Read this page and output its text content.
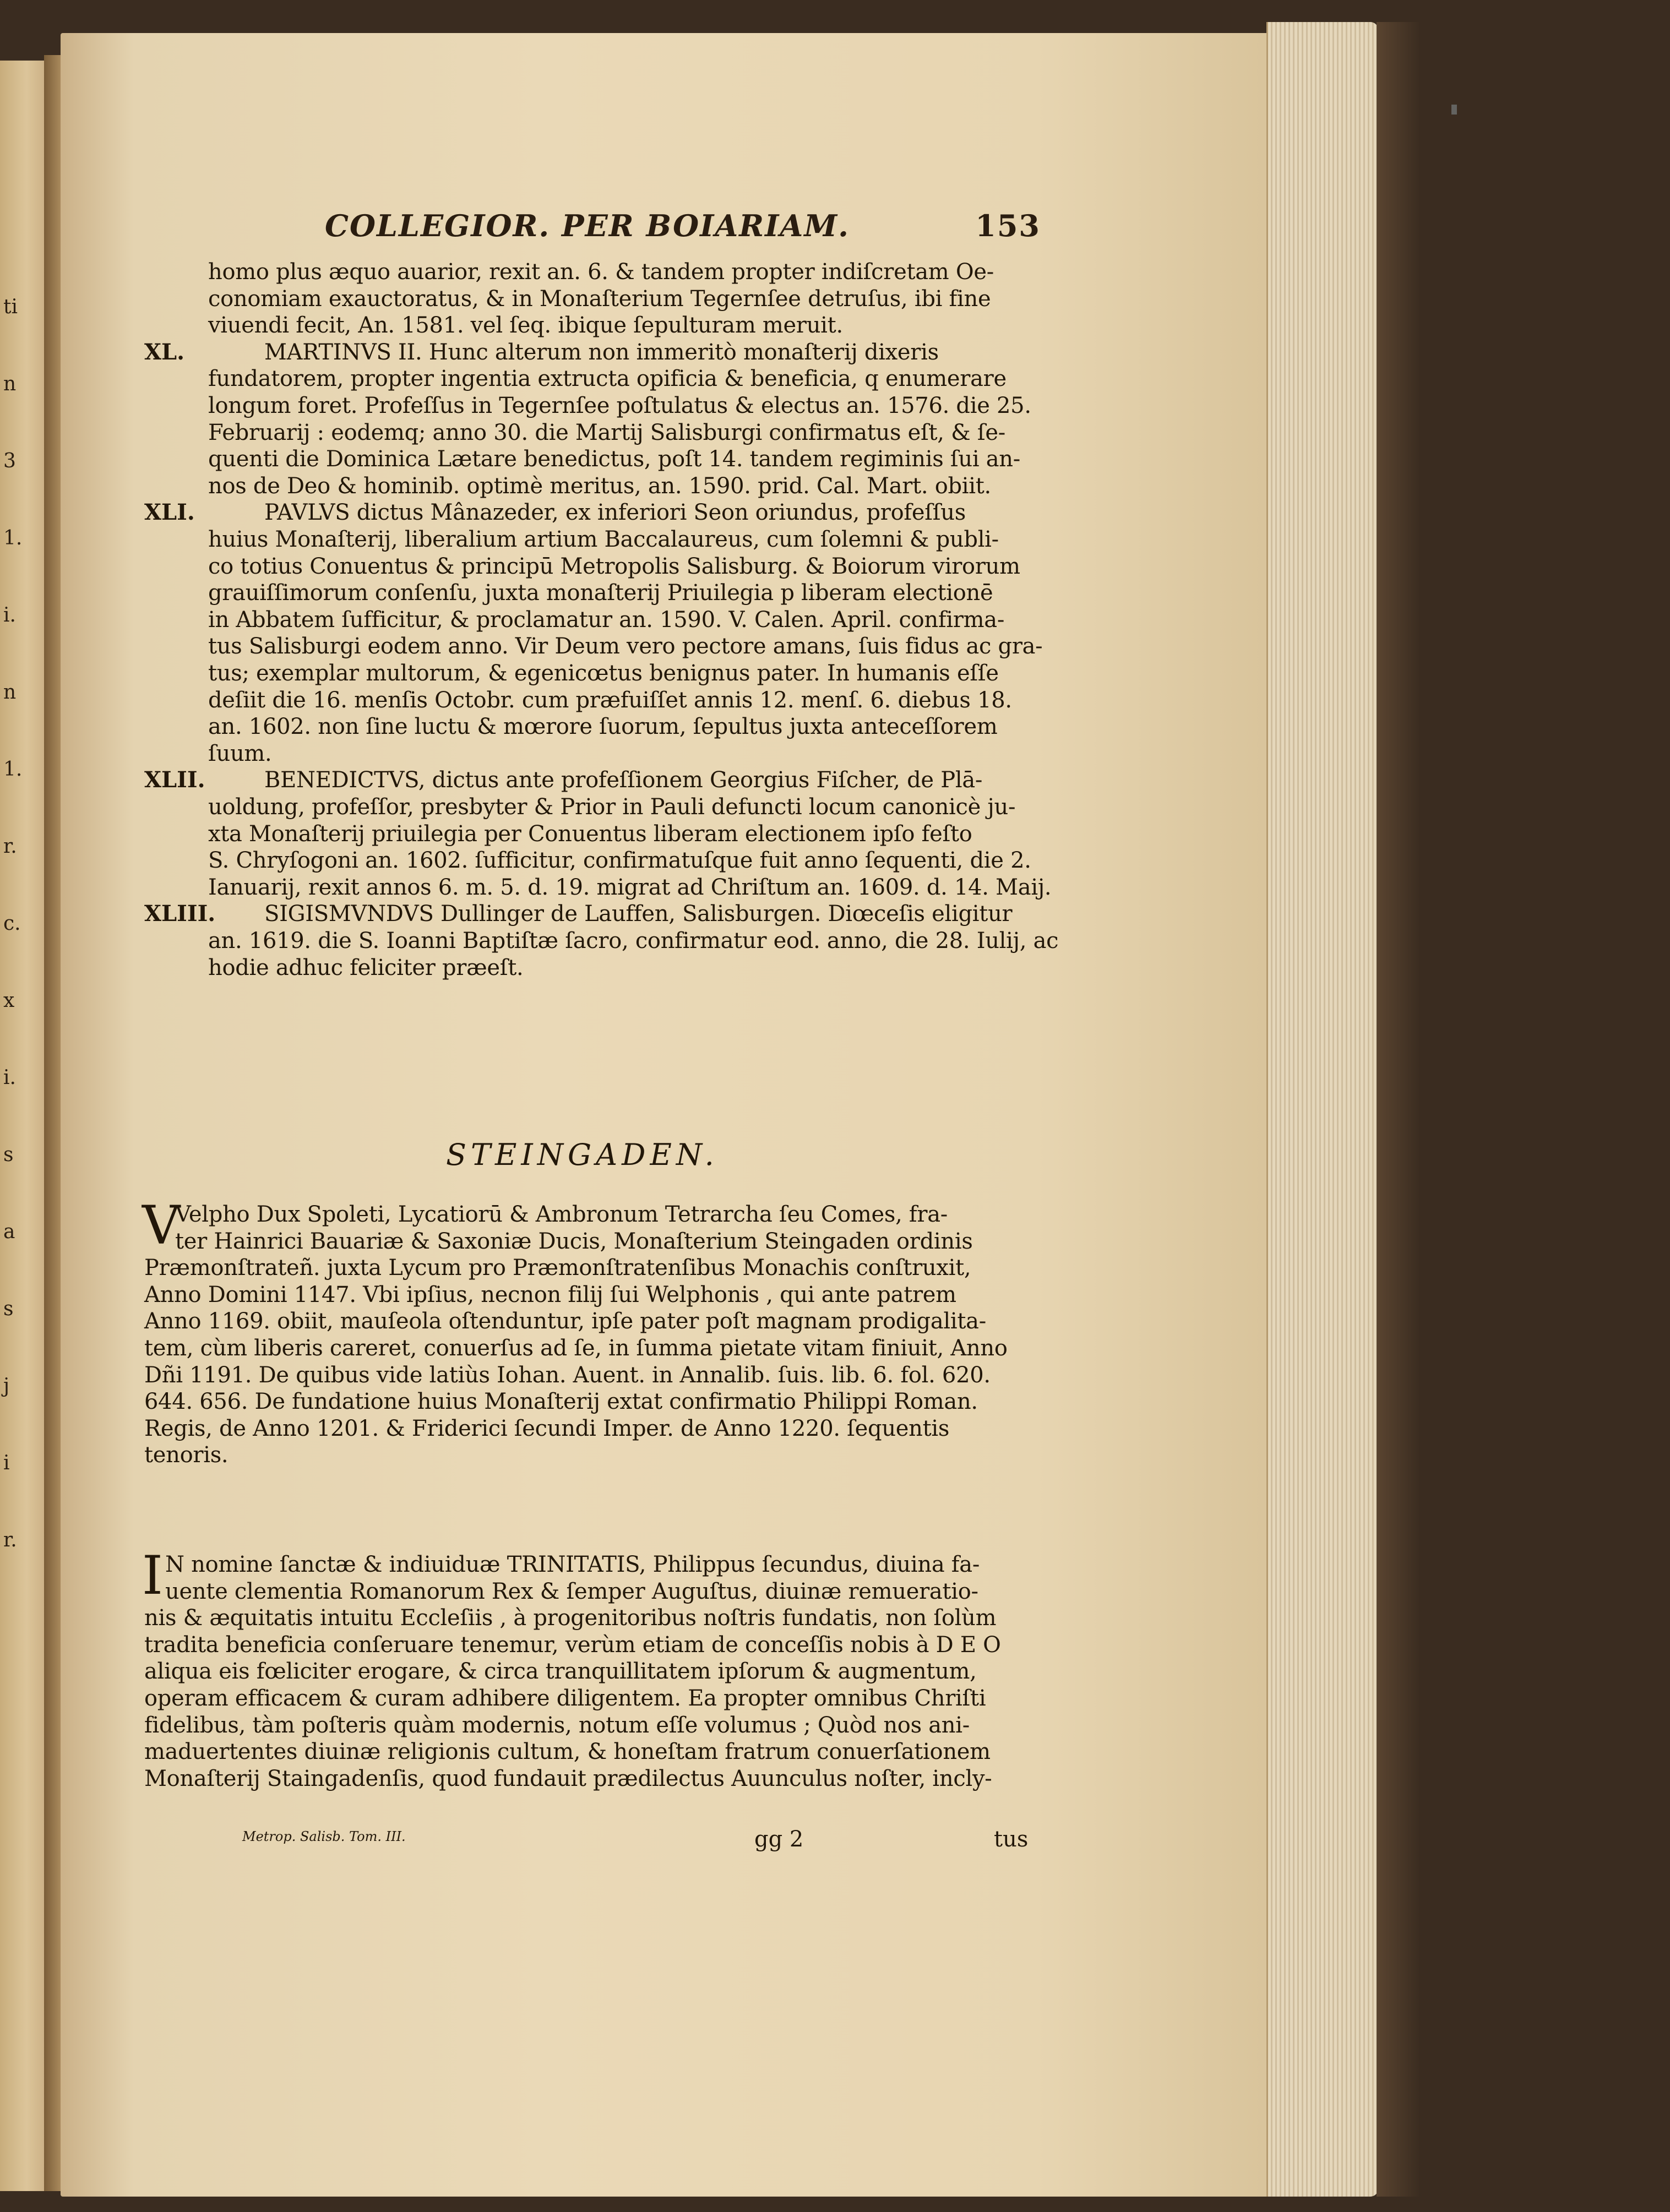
ti
n
3
1.
i.
n
1.
r.
c.
x
i.
s
a
s
j
i
r.
COLLEGIOR. PER BOIARIAM.	153
homo plus æquo auarior, rexit an. 6. & tandem propter indiſcretam Oe-
conomiam exauctoratus, & in Monaſterium Tegernſee detruſus, ibi fine
viuendi fecit, An. 1581. vel ſeq. ibique ſepulturam meruit.
XL.	MARTINVS II. Hunc alterum non immeritò monaſterij dixeris
fundatorem, propter ingentia extructa opificia & beneficia, q enumerare
longum foret. Profeſſus in Tegernſee poſtulatus & electus an. 1576. die 25.
Februarij : eodemq; anno 30. die Martij Salisburgi confirmatus eſt, & ſe-
quenti die Dominica Lætare benedictus, poſt 14. tandem regiminis ſui an-
nos de Deo & hominib. optimè meritus, an. 1590. prid. Cal. Mart. obiit.
XLI.	PAVLVS dictus Mânazeder, ex inferiori Seon oriundus, profeſſus
huius Monaſterij, liberalium artium Baccalaureus, cum ſolemni & publi-
co totius Conuentus & principū Metropolis Salisburg. & Boiorum virorum
grauiſſimorum conſenſu, juxta monaſterij Priuilegia p liberam electionē
in Abbatem ſufficitur, & proclamatur an. 1590. V. Calen. April. confirma-
tus Salisburgi eodem anno. Vir Deum vero pectore amans, ſuis fidus ac gra-
tus; exemplar multorum, & egenicœtus benignus pater. In humanis eſſe
deſiit die 16. menſis Octobr. cum præfuiſſet annis 12. menſ. 6. diebus 18.
an. 1602. non ſine luctu & mœrore ſuorum, ſepultus juxta anteceſſorem
ſuum.
XLII.	BENEDICTVS, dictus ante profeſſionem Georgius Fiſcher, de Plā-
uoldung, profeſſor, presbyter & Prior in Pauli defuncti locum canonicè ju-
xta Monaſterij priuilegia per Conuentus liberam electionem ipſo feſto
S. Chryſogoni an. 1602. ſufficitur, confirmatuſque fuit anno ſequenti, die 2.
Ianuarij, rexit annos 6. m. 5. d. 19. migrat ad Chriſtum an. 1609. d. 14. Maij.
XLIII. SIGISMVNDVS Dullinger de Lauffen, Salisburgen. Diœceſis eligitur
an. 1619. die S. Ioanni Baptiſtæ ſacro, confirmatur eod. anno, die 28. Iulij, ac
hodie adhuc feliciter præeſt.
V
Velpho Dux Spoleti, Lycatiorū & Ambronum Tetrarcha ſeu Comes, fra-
ter Hainrici Bauariæ & Saxoniæ Ducis, Monaſterium Steingaden ordinis
Præmonſtrateñ. juxta Lycum pro Præmonſtratenſibus Monachis conſtruxit,
Anno Domini 1147. Vbi ipſius, necnon filij ſui Welphonis , qui ante patrem
Anno 1169. obiit, mauſeola oſtenduntur, ipſe pater poſt magnam prodigalita-
tem, cùm liberis careret, conuerſus ad ſe, in ſumma pietate vitam finiuit, Anno
Dñi 1191. De quibus vide latiùs Iohan. Auent. in Annalib. ſuis. lib. 6. fol. 620.
644. 656. De fundatione huius Monaſterij extat confirmatio Philippi Roman.
Regis, de Anno 1201. & Friderici ſecundi Imper. de Anno 1220. ſequentis
tenoris.
I N nomine ſanctæ & indiuiduæ TRINITATIS, Philippus ſecundus, diuina fa-
uente clementia Romanorum Rex & ſemper Auguſtus, diuinæ remueratio-
nis & æquitatis intuitu Eccleſiis , à progenitoribus noſtris fundatis, non ſolùm
tradita beneficia conſeruare tenemur, verùm etiam de conceſſis nobis à D E O
aliqua eis fœliciter erogare, & circa tranquillitatem ipſorum & augmentum,
operam efficacem & curam adhibere diligentem. Ea propter omnibus Chriſti
fidelibus, tàm poſteris quàm modernis, notum eſſe volumus ; Quòd nos ani-
maduertentes diuinæ religionis cultum, & honeſtam fratrum conuerſationem
Monaſterij Staingadenſis, quod fundauit prædilectus Auunculus noſter, incly-
STEINGADEN.
Metrop. Salisb. Tom. III.	gg 2	tus
